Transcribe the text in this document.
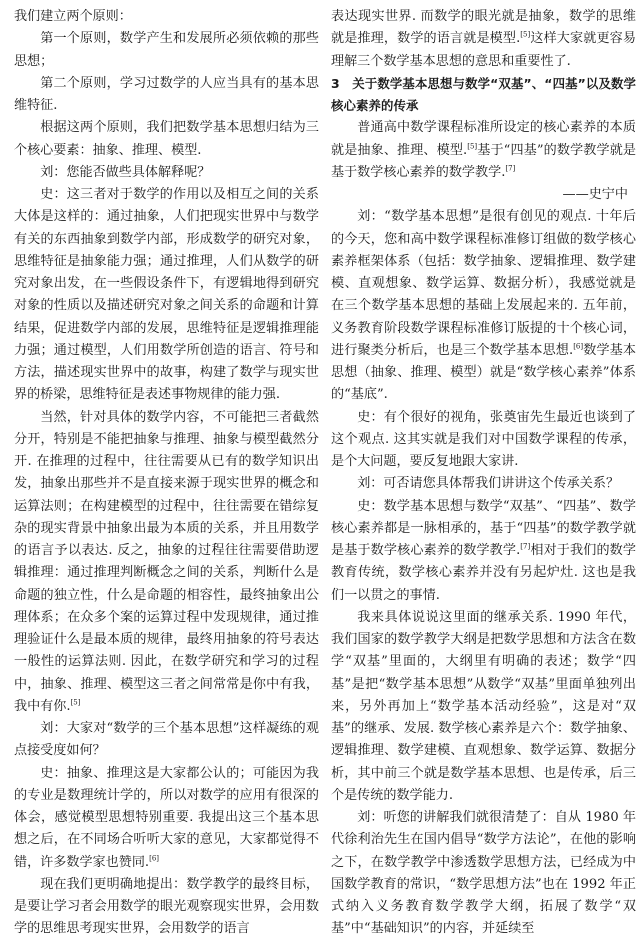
我们建立两个原则：

第一个原则，数学产生和发展所必须依赖的那些思想；

第二个原则，学习过数学的人应当具有的基本思维特征.

根据这两个原则，我们把数学基本思想归结为三个核心要素：抽象、推理、模型.

刘：您能否做些具体解释呢？

史：这三者对于数学的作用以及相互之间的关系大体是这样的：通过抽象，人们把现实世界中与数学有关的东西抽象到数学内部，形成数学的研究对象，思维特征是抽象能力强；通过推理，人们从数学的研究对象出发，在一些假设条件下，有逻辑地得到研究对象的性质以及描述研究对象之间关系的命题和计算结果，促进数学内部的发展，思维特征是逻辑推理能力强；通过模型，人们用数学所创造的语言、符号和方法，描述现实世界中的故事，构建了数学与现实世界的桥梁，思维特征是表述事物规律的能力强.

当然，针对具体的数学内容，不可能把三者截然分开，特别是不能把抽象与推理、抽象与模型截然分开. 在推理的过程中，往往需要从已有的数学知识出发，抽象出那些并不是直接来源于现实世界的概念和运算法则；在构建模型的过程中，往往需要在错综复杂的现实背景中抽象出最为本质的关系，并且用数学的语言予以表达. 反之，抽象的过程往往需要借助逻辑推理：通过推理判断概念之间的关系，判断什么是命题的独立性，什么是命题的相容性，最终抽象出公理体系；在众多个案的运算过程中发现规律，通过推理验证什么是最本质的规律，最终用抽象的符号表达一般性的运算法则. 因此，在数学研究和学习的过程中，抽象、推理、模型这三者之间常常是你中有我，我中有你.[5]

刘：大家对“数学的三个基本思想”这样凝练的观点接受度如何？

史：抽象、推理这是大家都公认的；可能因为我的专业是数理统计学的，所以对数学的应用有很深的体会，感觉模型思想特别重要. 我提出这三个基本思想之后，在不同场合听听大家的意见，大家都觉得不错，许多数学家也赞同.[6]

现在我们更明确地提出：数学教学的最终目标，是要让学习者会用数学的眼光观察现实世界，会用数学的思维思考现实世界，会用数学的语言

表达现实世界. 而数学的眼光就是抽象，数学的思维就是推理，数学的语言就是模型.[5]这样大家就更容易理解三个数学基本思想的意思和重要性了.

3　关于数学基本思想与数学“双基”、“四基”以及数学核心素养的传承

普通高中数学课程标准所设定的核心素养的本质就是抽象、推理、模型.[5]基于“四基”的数学教学就是基于数学核心素养的数学教学.[7]

——史宁中

刘：“数学基本思想”是很有创见的观点. 十年后的今天，您和高中数学课程标准修订组做的数学核心素养框架体系（包括：数学抽象、逻辑推理、数学建模、直观想象、数学运算、数据分析），我感觉就是在三个数学基本思想的基础上发展起来的. 五年前，义务教育阶段数学课程标准修订版提的十个核心词，进行聚类分析后，也是三个数学基本思想.[6]数学基本思想（抽象、推理、模型）就是“数学核心素养”体系的“基底”.

史：有个很好的视角，张奠宙先生最近也谈到了这个观点. 这其实就是我们对中国数学课程的传承，是个大问题，要反复地跟大家讲.

刘：可否请您具体帮我们讲讲这个传承关系？

史：数学基本思想与数学“双基”、“四基”、数学核心素养都是一脉相承的，基于“四基”的数学教学就是基于数学核心素养的数学教学.[7]相对于我们的数学教育传统，数学核心素养并没有另起炉灶. 这也是我们一以贯之的事情.

我来具体说说这里面的继承关系. 1990 年代，我们国家的数学教学大纲是把数学思想和方法含在数学“双基”里面的，大纲里有明确的表述；数学“四基”是把“数学基本思想”从数学“双基”里面单独列出来，另外再加上“数学基本活动经验”，这是对“双基”的继承、发展. 数学核心素养是六个：数学抽象、逻辑推理、数学建模、直观想象、数学运算、数据分析，其中前三个就是数学基本思想、也是传承，后三个是传统的数学能力.

刘：听您的讲解我们就很清楚了：自从 1980 年代徐利治先生在国内倡导“数学方法论”，在他的影响之下，在数学教学中渗透数学思想方法，已经成为中国数学教育的常识，“数学思想方法”也在 1992 年正式纳入义务教育数学教学大纲，拓展了数学“双基”中“基础知识”的内容，并延续至
